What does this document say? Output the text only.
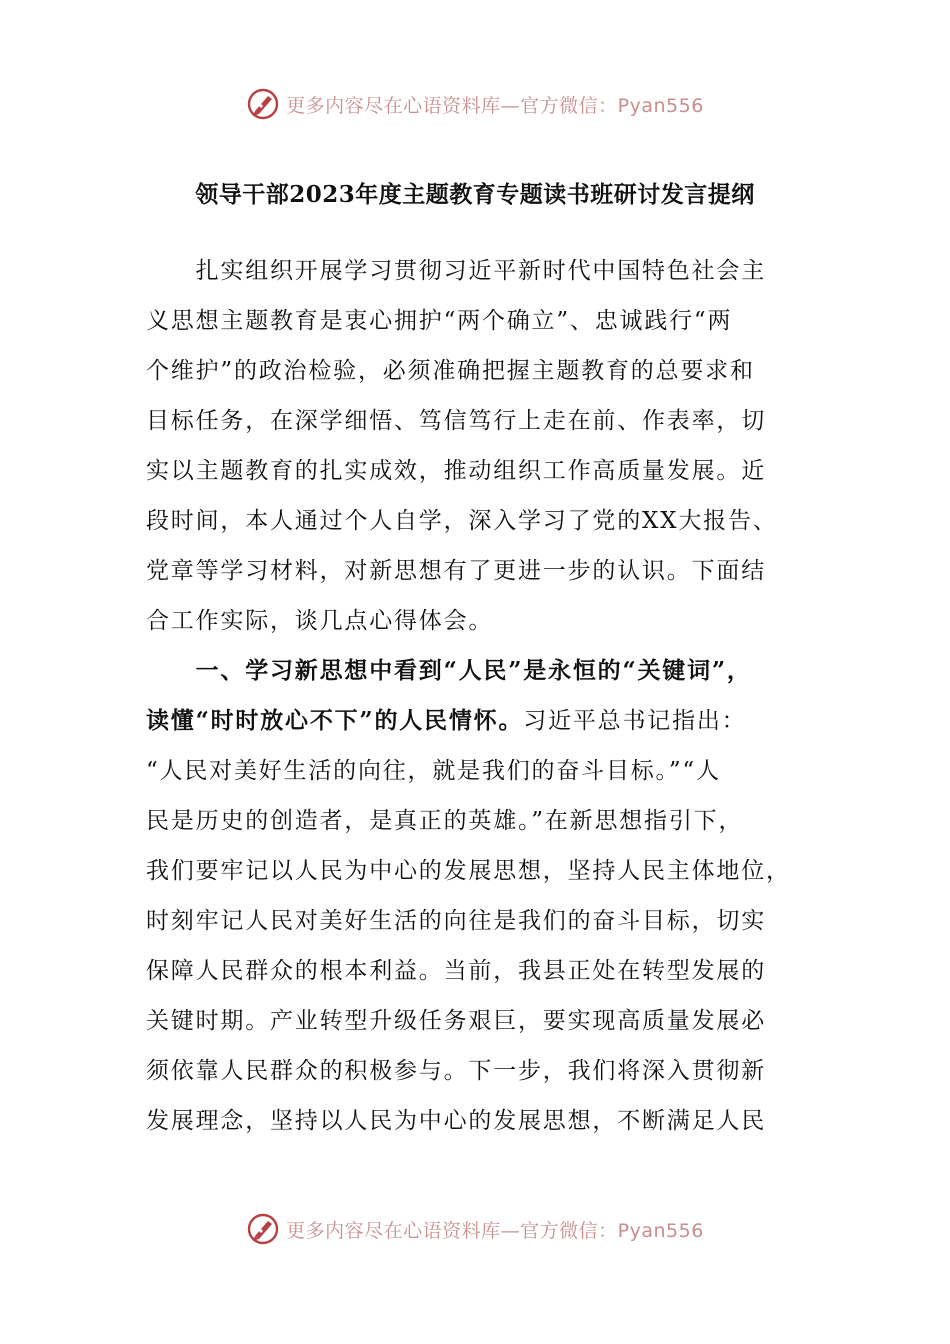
更多内容尽在心语资料库—官方微信：Pyan556
领导干部2023年度主题教育专题读书班研讨发言提纲
　　扎实组织开展学习贯彻习近平新时代中国特色社会主
义思想主题教育是衷心拥护“两个确立”、忠诚践行“两
个维护”的政治检验，必须准确把握主题教育的总要求和
目标任务，在深学细悟、笃信笃行上走在前、作表率，切
实以主题教育的扎实成效，推动组织工作高质量发展。近
段时间，本人通过个人自学，深入学习了党的XX大报告、
党章等学习材料，对新思想有了更进一步的认识。下面结
合工作实际，谈几点心得体会。
　　一、学习新思想中看到“人民”是永恒的“关键词”，
读懂“时时放心不下”的人民情怀。习近平总书记指出：
“人民对美好生活的向往，就是我们的奋斗目标。”“人
民是历史的创造者，是真正的英雄。”在新思想指引下，
我们要牢记以人民为中心的发展思想，坚持人民主体地位，
时刻牢记人民对美好生活的向往是我们的奋斗目标，切实
保障人民群众的根本利益。当前，我县正处在转型发展的
关键时期。产业转型升级任务艰巨，要实现高质量发展必
须依靠人民群众的积极参与。下一步，我们将深入贯彻新
发展理念，坚持以人民为中心的发展思想，不断满足人民
更多内容尽在心语资料库—官方微信：Pyan556
